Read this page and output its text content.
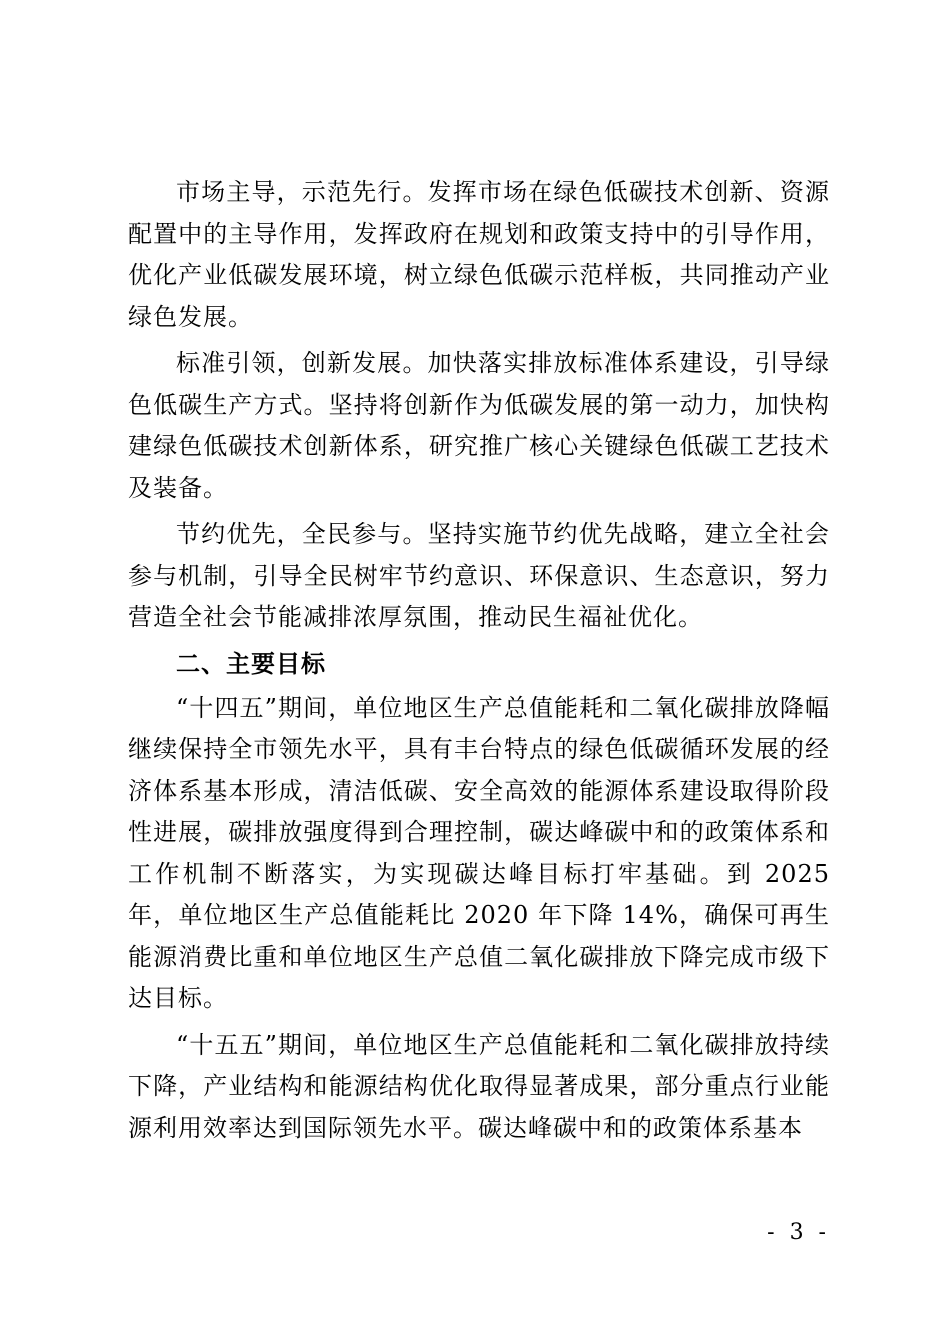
市场主导，示范先行。发挥市场在绿色低碳技术创新、资源配置中的主导作用，发挥政府在规划和政策支持中的引导作用，优化产业低碳发展环境，树立绿色低碳示范样板，共同推动产业绿色发展。

标准引领，创新发展。加快落实排放标准体系建设，引导绿色低碳生产方式。坚持将创新作为低碳发展的第一动力，加快构建绿色低碳技术创新体系，研究推广核心关键绿色低碳工艺技术及装备。

节约优先，全民参与。坚持实施节约优先战略，建立全社会参与机制，引导全民树牢节约意识、环保意识、生态意识，努力营造全社会节能减排浓厚氛围，推动民生福祉优化。

二、主要目标

“十四五”期间，单位地区生产总值能耗和二氧化碳排放降幅继续保持全市领先水平，具有丰台特点的绿色低碳循环发展的经济体系基本形成，清洁低碳、安全高效的能源体系建设取得阶段性进展，碳排放强度得到合理控制，碳达峰碳中和的政策体系和工作机制不断落实，为实现碳达峰目标打牢基础。到 2025 年，单位地区生产总值能耗比 2020 年下降 14%，确保可再生能源消费比重和单位地区生产总值二氧化碳排放下降完成市级下达目标。

“十五五”期间，单位地区生产总值能耗和二氧化碳排放持续下降，产业结构和能源结构优化取得显著成果，部分重点行业能源利用效率达到国际领先水平。碳达峰碳中和的政策体系基本

- 3 -
